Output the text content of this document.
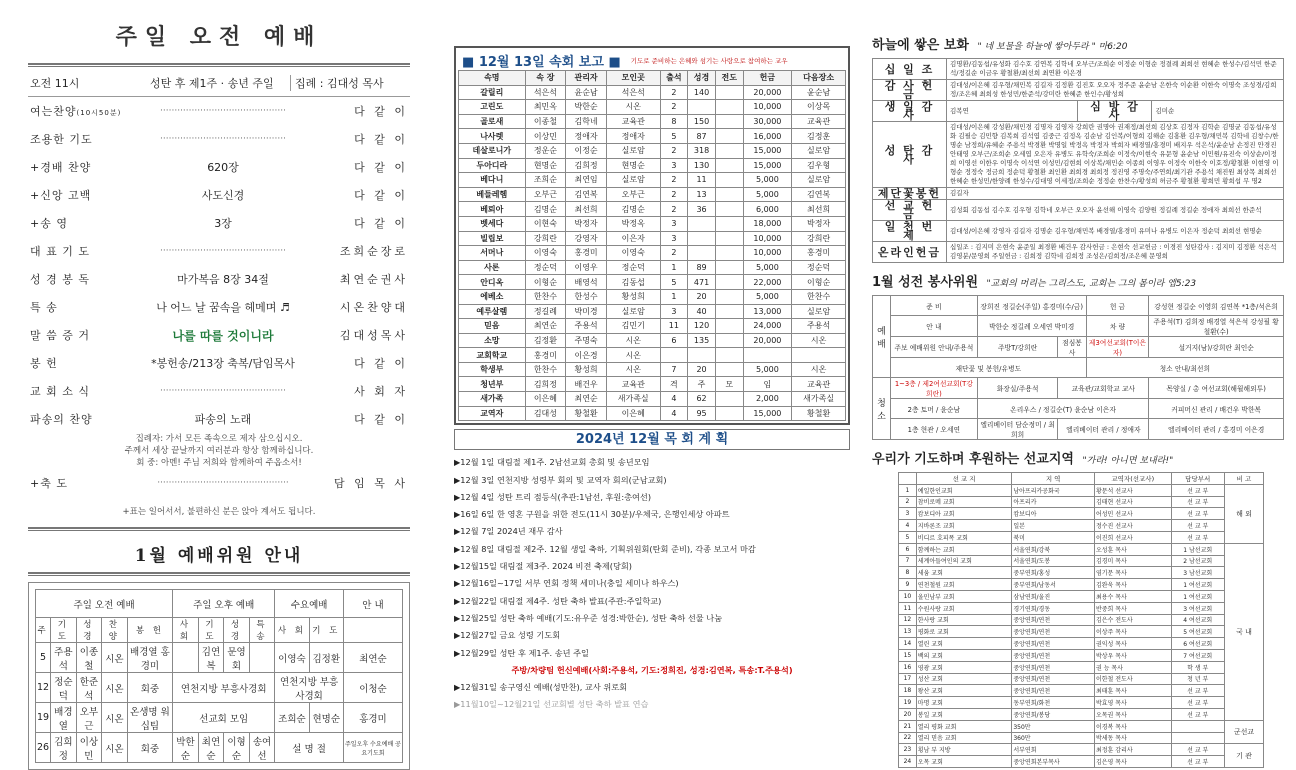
주일 오전 예배
오전 11시	성탄 후 제1주 · 송년 주일	집례 : 김대성 목사
여는찬양(10시50분)	············································	다 같 이
조용한 기도	············································	다 같 이
+경배 찬양	620장	다 같 이
+신앙 고백	사도신경	다 같 이
+송 영	3장	다 같 이
대 표 기 도	············································	조희순장로
성 경 봉 독	마가복음 8장 34절	최연순권사
특 송	나 어느 날 꿈속을 헤메며 ♬	시온찬양대
말 씀 증 거	나를 따를 것이니라	김대성목사
봉 헌	*봉헌송/213장 축복/담임목사	다 같 이
교 회 소 식	············································	사 회 자
파송의 찬양	파송의 노래	다 같 이
집례자: 가서 모든 족속으로 제자 삼으십시오.
주께서 세상 끝날까지 여러분과 항상 함께하십니다.
회 중: 아멘! 주님 저희와 함께하여 주옵소서!
+축 도	··············································	담 임 목 사
+표는 일어서서, 불편하신 분은 앉아 계셔도 됩니다.
1월 예배위원 안내
주일 오전 예배					주일 오후 예배				수요예배		안 내
주	기 도	성 경	찬 양	봉 헌	사 회	기 도	성 경	특 송	사 회	기 도	
5	주용석	이종철	시온	배경열 홍경미		김연복	문영회		이영숙	김정환	최연순
12	정순덕	한준석	시온	회중	연천지방 부흥사경회				연천지방 부흥사경회		이청순
19	배경열	오부근	시온	온생명 워십팀	선교회 모임				조희순	현명순	홍경미
26	김희정	이상민	시온	회중	박한순	최연순	이형순	송여선	설 명 절		주일오후 수요예배 공요기도회
■ 12월 13일 속회 보고 ■ 기도로 준비하는 은혜와 섬기는 사랑으로 참여하는 교우
속명	속 장	관리자	모인곳	출석	성경	전도	헌금	다음장소
갈릴리	석은석	윤순남	석은석	2	140		20,000	윤순남
고린도	최민옥	박한순	시온	2			10,000	이상목
골로새	이종철	김학네	교육관	8	150		30,000	교육관
나사렛	이상민	정애자	정애자	5	87		16,000	김정훈
데살로니가	정운순	이정순	실로암	2	318		15,000	실로암
두아디라	현명순	김희정	현명순	3	130		15,000	김우형
베다니	조희순	최연임	실로암	2	11		5,000	실로암
베들레헴	오부근	김연복	오부근	2	13		5,000	김연복
베뢰아	김명순	최선희	김명순	2	36		6,000	최선희
벳세다	이현숙	박정자	박정옥	3			18,000	박정자
빌립보	강희란	강영자	이은자	3			10,000	강희란
서머나	이영숙	홍경미	이영숙	2			10,000	홍경미
사론	정순덕	이영우	정순덕	1	89		5,000	정순덕
안디옥	이형순	배영석	김동섭	5	471		22,000	이형순
에베소	한찬수	한성수	황성희	1	20		5,000	한찬수
예루살렘	정길례	박미경	실로암	3	40		13,000	실로암
믿음	최연순	주용석	김민기	11	120		24,000	주용석
소망	김정환	주명숙	시온	6	135		20,000	시온
교회학교	홍경미	이은경	시온					
학생부	한찬수	황성희	시온	7	20		5,000	시온
청년부	김희정	배건우	교육관	격	주	모	임	교육관
새가족	이은혜	최연순	새가족실	4	62		2,000	새가족실
교역자	김대성	황철환	이은혜	4	95		15,000	황철환
2024년 12월 목 회 계 획
▶12월 1일 대림절 제1주. 2남선교회 총회 및 송년모임
▶12월 3일 연천지방 성령부 회의 및 교역자 회의(군남교회)
▶12월 4일 성탄 트리 점등식(추관:1남선, 후원:총여선)
▶16일 6일 한 영혼 구원을 위한 전도(11시 30분)/우체국, 은행인세상 아파트
▶12월 7일 2024년 재무 감사
▶12월 8일 대림절 제2주. 12월 생일 축하, 기획위원회(탄회 준비), 각종 보고서 마감
▶12월15일 대림절 제3주. 2024 비전 축제(당회)
▶12월16일~17일 서부 연회 정책 세미나(충일 세미나 하우스)
▶12월22일 대림절 제4주. 성탄 축하 발표(주관:주일학교)
▶12월25일 성탄 축하 예배(기도:유우준 성경:박한순), 성탄 축하 선물 나눔
▶12월27일 금요 성령 기도회
▶12월29일 성탄 후 제1주. 송년 주일
주방/차량팀 헌신예배(사회:주용석, 기도:정희진, 성경:김연복, 특송:T.주용석)
▶12월31일 송구영신 예배(성만찬), 교사 위로회
▶11월10일~12월21일 선교회별 성탄 축하 발표 연습
하늘에 쌓은 보화 " 네 보물을 하늘에 쌓아두라 " 마6:20
십 일 조	김명환/김동섭/유성화 김수호 김연복 김학네 오부근/조희순 이정순 이형순 정결례 최희선 현혜순 한성수/김석민 한준석/정길순 이금우 황철환/최선희 최연환 이은경		
감 사 헌 금	김대성/이은혜 김우형/채민복 김길자 김정환 김진호 오오자 정주준 윤순남 은한숙 이순환 이한숙 이명숙 조성경/김희정/조은혜 최희성 한성민/한준석/강미란 한혜준 한인수/황성희		
생 일 감 사	김복연	심 방 감 사	김미순
성 탄 감 사	김대성/이은혜 강성환/채민경 김명자 김영자 강희란 권명아 권재정/최선희 김상호 김정자 김학순 김명균 김동섭/유성화 김필승 김민향 김복희 김석엽 김중근 김정옥 김순남 김인복/이형희 김해순 김홍환 김우형/채민복 김학네 김창수/한명순 남정희/유혜순 주용석 박경환 박명일 박정옥 박정자 박희자 배경열/홍경미 배지우 석은석/윤순남 손정진 안경진 안태영 오부근/조희순 오세엽 오은자 유병도 유학숙/조희순 이정숙/이현숙 유문형 윤순남 이민원/유진숙 이상순/이정희 이영선 이한우 이명숙 이석연 이성민/김현희 이상복/채민순 이종희 이영우 이정숙 이한숙 이호정/황철환 이현영 이형순 정정숙 정금희 정순덕 황철환 최인환 최희경 최희정 정진영 주명숙/주연희/최기관 주용석 채진원 최상목 최희선 한혜순 한성민/한양례 한성수/김대영 이세정/조희순 정정순 한찬수/황성희 허금주 황철환 황희민 황희섭 무 명2		
제단꽃봉헌	김길자		
선 교 헌 금	김성회 김동섭 김수호 김우형 김학네 오부근 오오자 윤선해 이영숙 김양원 정길례 정길순 정애자 최희선 한준석		
일 천 번 제	김대성/이은혜 강영자 김길자 김명순 김우형/채민복 배경열/홍경미 유미나 유병도 이은자 정순덕 최희선 현명순		
온라인헌금	십일조 : 김지미 은현숙 윤준일 최경환 배건우 감사헌금 : 은현숙 선교헌금 : 이경진 성탄감사 : 김지미 김정환 석은석 김영분/문영희 주일헌금 : 김희정 김학네 김희정 조성은/김희정/조은혜 문영희		
1월 성전 봉사위원 "교회의 머리는 그리스도, 교회는 그의 몸이라 엡5:23
예
배	준 비	장희진 정길순(주일) 홍경미(수/금)		헌 금	강성현 정길순 이영희 김연복 *1층/석은희
	안 내	박한순 정길례 오세연 박미경		차 량	주용석(T) 김희정 배경열 석은석 강성필 황철환(수)
	주보 예배위원 안내/주용석	주방T/강희란	점심봉사	제3여선교회(T이은자)	설거지(남)/강희란 최인순
	재단꽃 및 봉헌/유병도			청소 안내/최선희	
청
소	1~3층 / 제2여선교회(T강희란)	화장실/주용석	교육관/교회학교 교사		목양실 / 총 여선교회(해월해외투)
	2층 토머 / 윤순남	온리우스 / 정길순(T) 윤순남 이은자			커피머신 관리 / 배건우 박한복
	1층 현관 / 오세연	엘리베이터 담순정미 / 최희희	엘리베이터 관리 / 정애자		엘리베이터 관리 / 홍경미 이은경
우리가 기도하며 후원하는 선교지역 "가라! 아니면 보내라!"
	선 교 지	지 역	교역자(선교사)	담당부서	비 고
1	예일한인교회	남아프리카공화국	황문석 선교사	선 교 부	해 외
2	참비로메 교회	아프리카	김태현 선교사	선 교 부	
3	캄보디아 교회	캄보디아	어성민 선교사	선 교 부	
4	지바론조 교회	일본	정수진 선교사	선 교 부	
5	비디르 호피폭 교회	북미	이진희 선교사	선 교 부	
6	함께하는 교회	서울연회/강북	오성훈 목사	1 남선교회	국 내
7	세계아들여인의 교회	서울연회/도봉	김경미 목사	2 남선교회	
8	세움 교회	중부연회/홍성	염기문 목사	3 남선교회	
9	연천철원 교회	중부연회/남동서	김완욱 목사	1 여선교회	
10	올민남부 교회	삼남연회/울진	최용수 목사	1 여선교회	
11	수원사랑 교회	경기연회/경동	반중희 목사	3 여선교회	
12	한사랑 교회	중앙연회/연천	김은수 전도사	4 여선교회	
13	평화로 교회	중앙연회/연천	이상주 목사	5 여선교회	
14	열린 교회	중앙연회/연천	권익성 목사	6 여선교회	
15	백의 교회	중앙연회/연천	박상우 목사	7 여선교회	
16	영광 교회	중앙연회/연천	권 능 목사	학 생 부	
17	성산 교회	중앙연회/연천	이한철 전도사	청 년 부	
18	왕산 교회	중앙연회/연천	최태훈 목사	선 교 부	
19	마명 교회	동부연회/화천	박효영 목사	선 교 부	
20	봉일 교회	중앙연회/봉당	오목권 목사	선 교 부	
21	열리 평화 교회	350만	이경복 목사		군선교
22	열리 믿음 교회	360만	박세동 목사		
23	횡남 부 지방	서부연회	최정훈 감리사	선 교 부	기 관
24	오목 교회	중앙연회본부목사	김은영 목사	선 교 부	
